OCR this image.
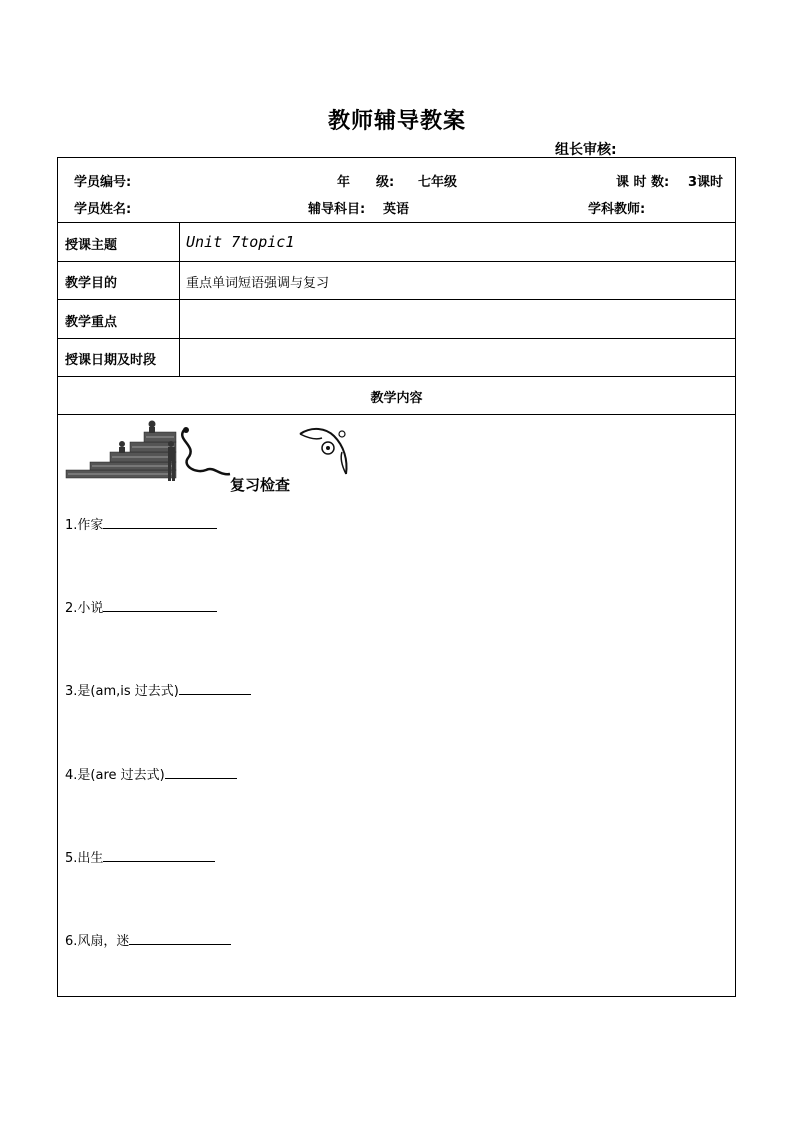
教师辅导教案
组长审核:
学员编号:	年　　级: 七年级	课 时 数: 3课时
学员姓名:	辅导科目: 英语	学科教师:
授课主题	Unit 7topic1
教学目的	重点单词短语强调与复习
教学重点
授课日期及时段
教学内容
复习检查
1.作家
2.小说
3.是(am,is 过去式)
4.是(are 过去式)
5.出生
6.风扇，迷
